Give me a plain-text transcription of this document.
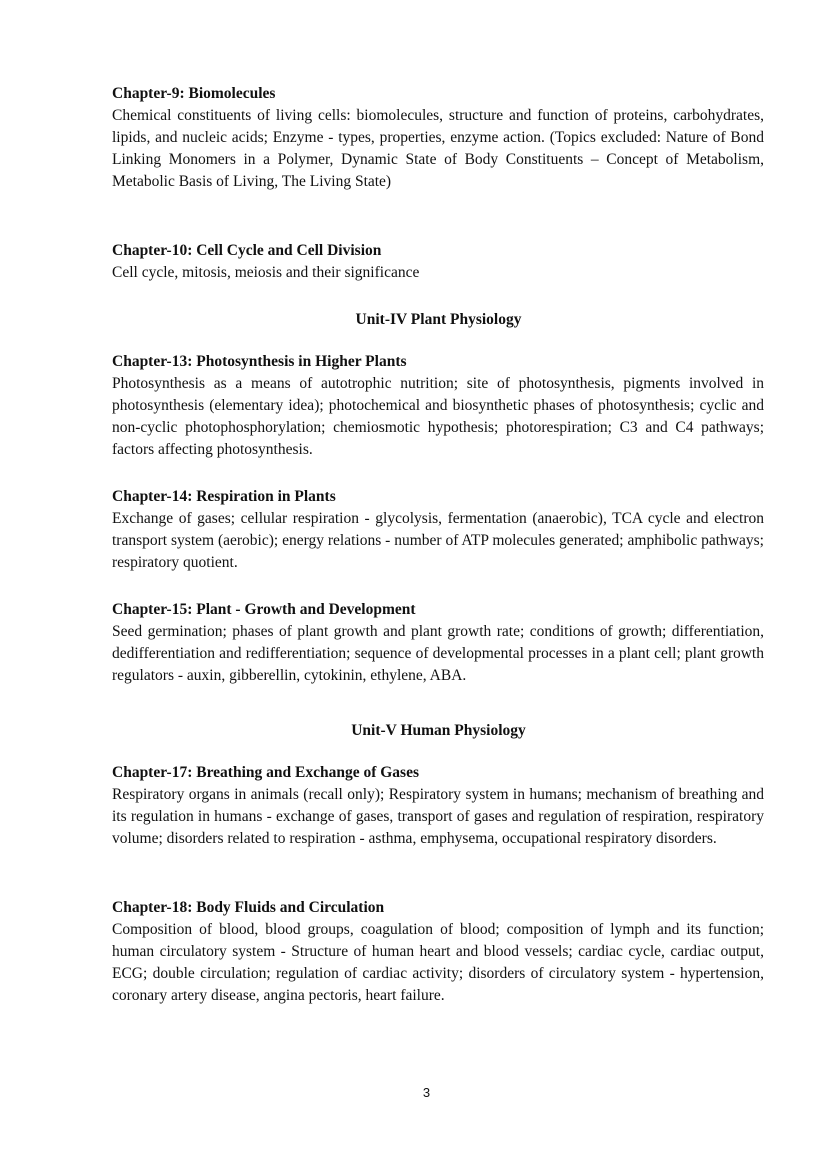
Chapter-9: Biomolecules

Chemical constituents of living cells: biomolecules, structure and function of proteins, carbohydrates, lipids, and nucleic acids; Enzyme - types, properties, enzyme action. (Topics excluded: Nature of Bond Linking Monomers in a Polymer, Dynamic State of Body Constituents – Concept of Metabolism, Metabolic Basis of Living, The Living State)

Chapter-10: Cell Cycle and Cell Division

Cell cycle, mitosis, meiosis and their significance

Unit-IV Plant Physiology

Chapter-13: Photosynthesis in Higher Plants

Photosynthesis as a means of autotrophic nutrition; site of photosynthesis, pigments involved in photosynthesis (elementary idea); photochemical and biosynthetic phases of photosynthesis; cyclic and non-cyclic photophosphorylation; chemiosmotic hypothesis; photorespiration; C3 and C4 pathways; factors affecting photosynthesis.

Chapter-14: Respiration in Plants

Exchange of gases; cellular respiration - glycolysis, fermentation (anaerobic), TCA cycle and electron transport system (aerobic); energy relations - number of ATP molecules generated; amphibolic pathways; respiratory quotient.

Chapter-15: Plant - Growth and Development

Seed germination; phases of plant growth and plant growth rate; conditions of growth; differentiation, dedifferentiation and redifferentiation; sequence of developmental processes in a plant cell; plant growth regulators - auxin, gibberellin, cytokinin, ethylene, ABA.

Unit-V Human Physiology

Chapter-17: Breathing and Exchange of Gases

Respiratory organs in animals (recall only); Respiratory system in humans; mechanism of breathing and its regulation in humans - exchange of gases, transport of gases and regulation of respiration, respiratory volume; disorders related to respiration - asthma, emphysema, occupational respiratory disorders.

Chapter-18: Body Fluids and Circulation

Composition of blood, blood groups, coagulation of blood; composition of lymph and its function; human circulatory system - Structure of human heart and blood vessels; cardiac cycle, cardiac output, ECG; double circulation; regulation of cardiac activity; disorders of circulatory system - hypertension, coronary artery disease, angina pectoris, heart failure.

3
